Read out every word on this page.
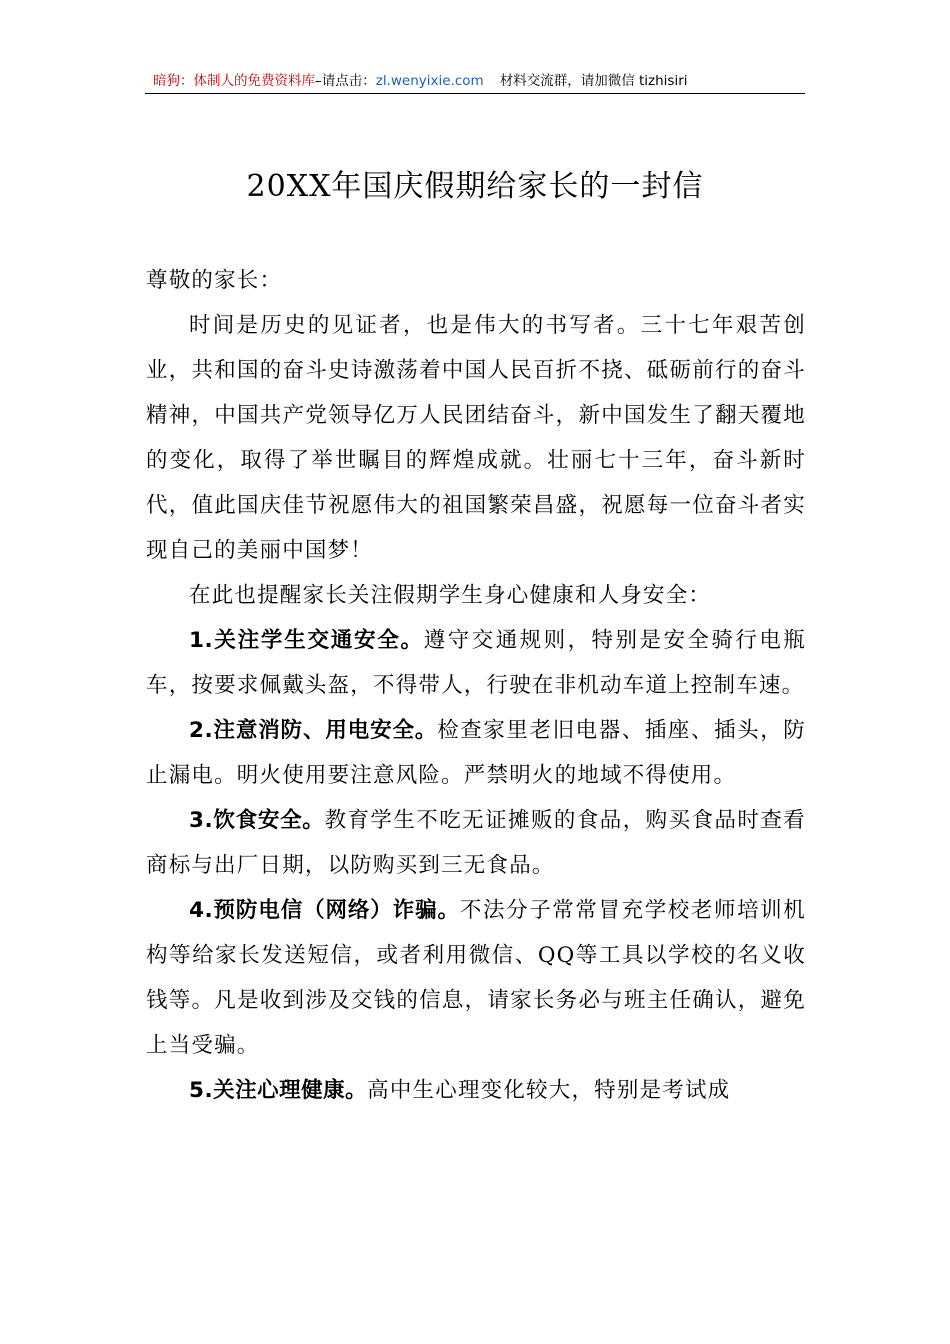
暗狗：体制人的免费资料库–请点击：zl.wenyixie.com 材料交流群，请加微信 tizhisiri
20XX年国庆假期给家长的一封信

尊敬的家长：

时间是历史的见证者，也是伟大的书写者。三十七年艰苦创业，共和国的奋斗史诗激荡着中国人民百折不挠、砥砺前行的奋斗精神，中国共产党领导亿万人民团结奋斗，新中国发生了翻天覆地的变化，取得了举世瞩目的辉煌成就。壮丽七十三年，奋斗新时代，值此国庆佳节祝愿伟大的祖国繁荣昌盛，祝愿每一位奋斗者实现自己的美丽中国梦！

在此也提醒家长关注假期学生身心健康和人身安全：

1.关注学生交通安全。遵守交通规则，特别是安全骑行电瓶车，按要求佩戴头盔，不得带人，行驶在非机动车道上控制车速。

2.注意消防、用电安全。检查家里老旧电器、插座、插头，防止漏电。明火使用要注意风险。严禁明火的地域不得使用。

3.饮食安全。教育学生不吃无证摊贩的食品，购买食品时查看商标与出厂日期，以防购买到三无食品。

4.预防电信（网络）诈骗。不法分子常常冒充学校老师培训机构等给家长发送短信，或者利用微信、QQ等工具以学校的名义收钱等。凡是收到涉及交钱的信息，请家长务必与班主任确认，避免上当受骗。

5.关注心理健康。高中生心理变化较大，特别是考试成
